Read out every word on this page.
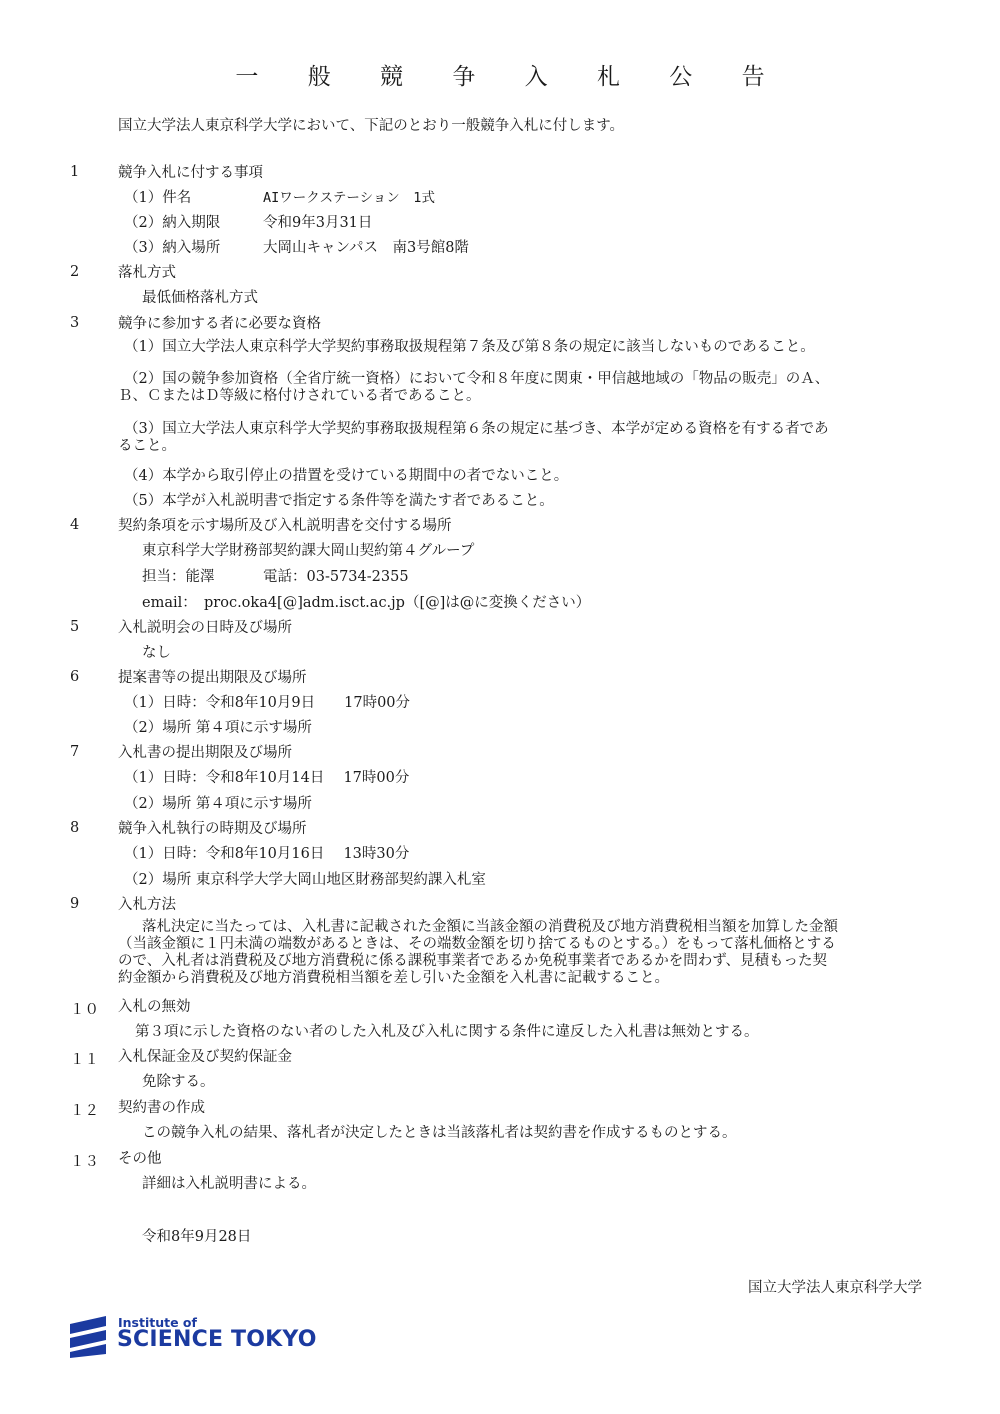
一 般 競 争 入 札 公 告
国立大学法人東京科学大学において、下記のとおり一般競争入札に付します。
1	競争入札に付する事項
（1）件名	AIワークステーション　1式
（2）納入期限	令和9年3月31日
（3）納入場所	大岡山キャンパス　南3号館8階
2	落札方式
最低価格落札方式
3	競争に参加する者に必要な資格
（1）国立大学法人東京科学大学契約事務取扱規程第７条及び第８条の規定に該当しないものであること。
（2）国の競争参加資格（全省庁統一資格）において令和８年度に関東・甲信越地域の「物品の販売」のＡ、
Ｂ、ＣまたはＤ等級に格付けされている者であること。
（3）国立大学法人東京科学大学契約事務取扱規程第６条の規定に基づき、本学が定める資格を有する者であ
ること。
（4）本学から取引停止の措置を受けている期間中の者でないこと。
（5）本学が入札説明書で指定する条件等を満たす者であること。
4	契約条項を示す場所及び入札説明書を交付する場所
東京科学大学財務部契約課大岡山契約第４グループ
担当：能澤	電話：03-5734-2355
email：　proc.oka4[@]adm.isct.ac.jp（[@]は@に変換ください）
5	入札説明会の日時及び場所
なし
6	提案書等の提出期限及び場所
（1）日時：令和8年10月9日　　17時00分
（2）場所 第４項に示す場所
7	入札書の提出期限及び場所
（1）日時：令和8年10月14日　 17時00分
（2）場所 第４項に示す場所
8	競争入札執行の時期及び場所
（1）日時：令和8年10月16日　 13時30分
（2）場所 東京科学大学大岡山地区財務部契約課入札室
9	入札方法
落札決定に当たっては、入札書に記載された金額に当該金額の消費税及び地方消費税相当額を加算した金額
（当該金額に１円未満の端数があるときは、その端数金額を切り捨てるものとする。）をもって落札価格とする
ので、入札者は消費税及び地方消費税に係る課税事業者であるか免税事業者であるかを問わず、見積もった契
約金額から消費税及び地方消費税相当額を差し引いた金額を入札書に記載すること。
１０ 入札の無効
第３項に示した資格のない者のした入札及び入札に関する条件に違反した入札書は無効とする。
１１ 入札保証金及び契約保証金
免除する。
１２ 契約書の作成
この競争入札の結果、落札者が決定したときは当該落札者は契約書を作成するものとする。
１３ その他
詳細は入札説明書による。
令和8年9月28日
国立大学法人東京科学大学
Institute of
SCIENCE TOKYO
